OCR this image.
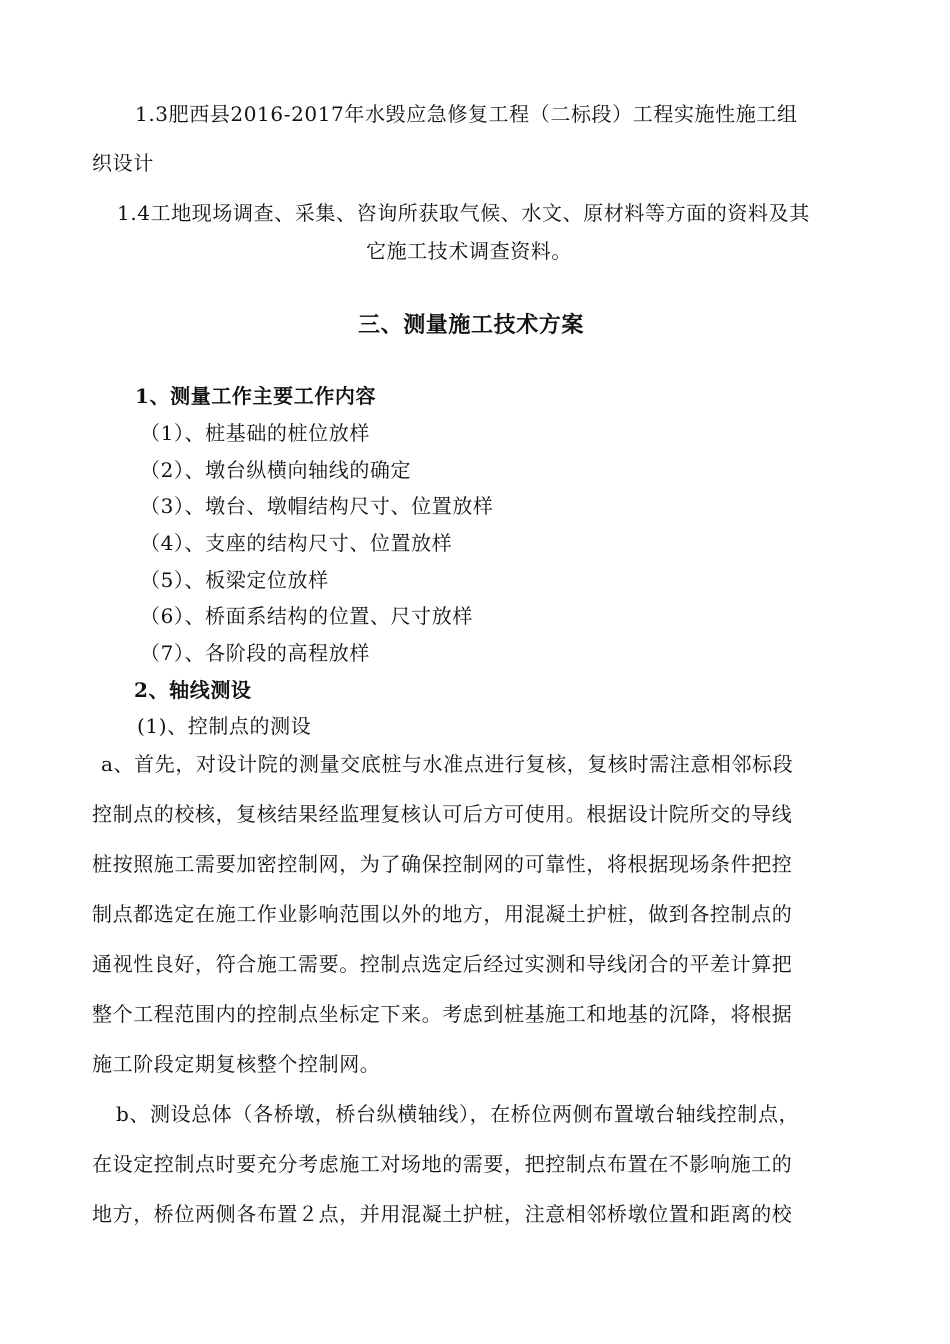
1.3肥西县2016-2017年水毁应急修复工程（二标段）工程实施性施工组
织设计
1.4工地现场调查、采集、咨询所获取气候、水文、原材料等方面的资料及其
它施工技术调查资料。
三、测量施工技术方案
1、测量工作主要工作内容
（1）、桩基础的桩位放样
（2）、墩台纵横向轴线的确定
（3）、墩台、墩帽结构尺寸、位置放样
（4）、支座的结构尺寸、位置放样
（5）、板梁定位放样
（6）、桥面系结构的位置、尺寸放样
（7）、各阶段的高程放样
2、轴线测设
(1)、控制点的测设
a、首先，对设计院的测量交底桩与水准点进行复核，复核时需注意相邻标段
控制点的校核，复核结果经监理复核认可后方可使用。根据设计院所交的导线
桩按照施工需要加密控制网，为了确保控制网的可靠性，将根据现场条件把控
制点都选定在施工作业影响范围以外的地方，用混凝土护桩，做到各控制点的
通视性良好，符合施工需要。控制点选定后经过实测和导线闭合的平差计算把
整个工程范围内的控制点坐标定下来。考虑到桩基施工和地基的沉降，将根据
施工阶段定期复核整个控制网。
b、测设总体（各桥墩，桥台纵横轴线），在桥位两侧布置墩台轴线控制点，
在设定控制点时要充分考虑施工对场地的需要，把控制点布置在不影响施工的
地方，桥位两侧各布置２点，并用混凝土护桩，注意相邻桥墩位置和距离的校
